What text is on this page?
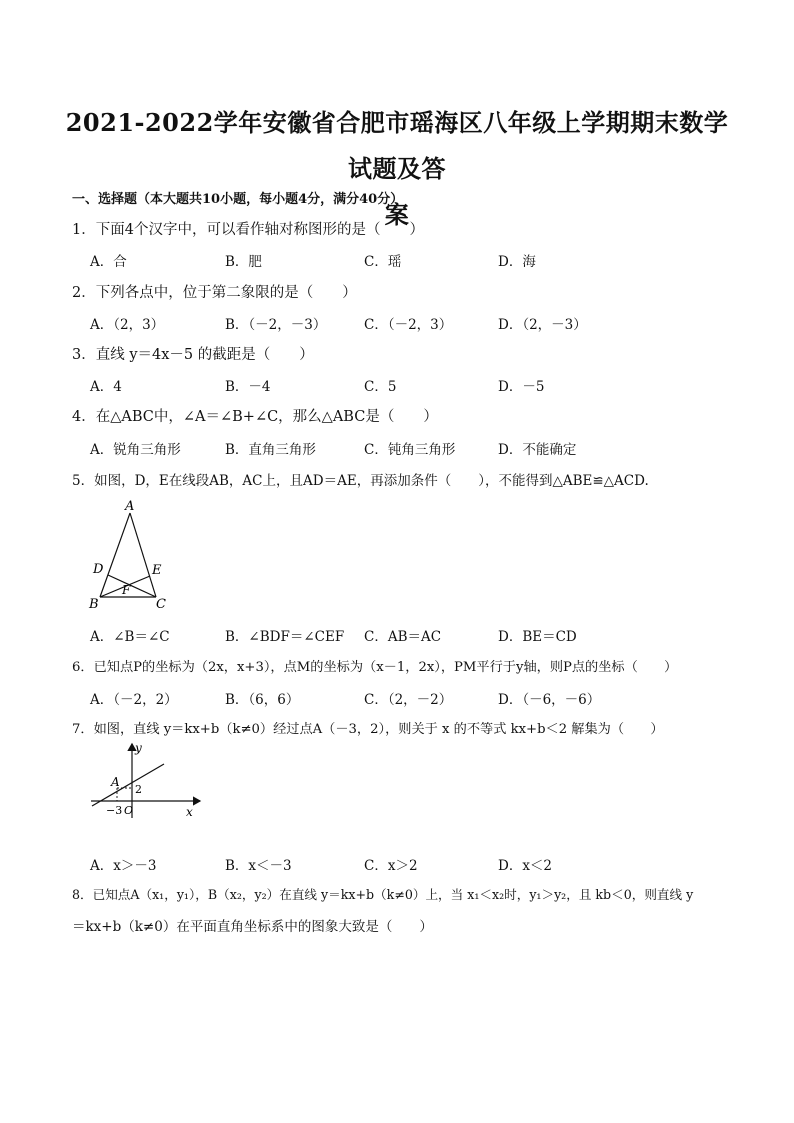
2021-2022学年安徽省合肥市瑶海区八年级上学期期末数学试题及答
案
一、选择题（本大题共10小题，每小题4分，满分40分）
1．下面4个汉字中，可以看作轴对称图形的是（　　）
A．合	B．肥	C．瑶	D．海
2．下列各点中，位于第二象限的是（　　）
A．（2，3）	B．（－2，－3）	C．（－2，3）	D．（2，－3）
3．直线 y＝4x－5 的截距是（　　）
A．4	B．－4	C．5	D．－5
4．在△ABC中，∠A＝∠B+∠C，那么△ABC是（　　）
A．锐角三角形	B．直角三角形	C．钝角三角形	D．不能确定
5．如图，D，E在线段AB，AC上，且AD＝AE，再添加条件（　　），不能得到△ABE≌△ACD.
A
D	E
F
B	C
A．∠B＝∠C	B．∠BDF＝∠CEF C．AB＝AC	D．BE＝CD
6．已知点P的坐标为（2x，x+3），点M的坐标为（x－1，2x），PM平行于y轴，则P点的坐标（　　）
A．（－2，2）	B．（6，6）	C．（2，－2）	D．（－6，－6）
7．如图，直线 y＝kx+b（k≠0）经过点A（－3，2），则关于 x 的不等式 kx+b＜2 解集为（　　）
y
x
A
2
−3 O
A．x＞－3	B．x＜－3	C．x＞2	D．x＜2
8．已知点A（x₁，y₁），B（x₂，y₂）在直线 y＝kx+b（k≠0）上，当 x₁＜x₂时，y₁＞y₂，且 kb＜0，则直线 y
＝kx+b（k≠0）在平面直角坐标系中的图象大致是（　　）
